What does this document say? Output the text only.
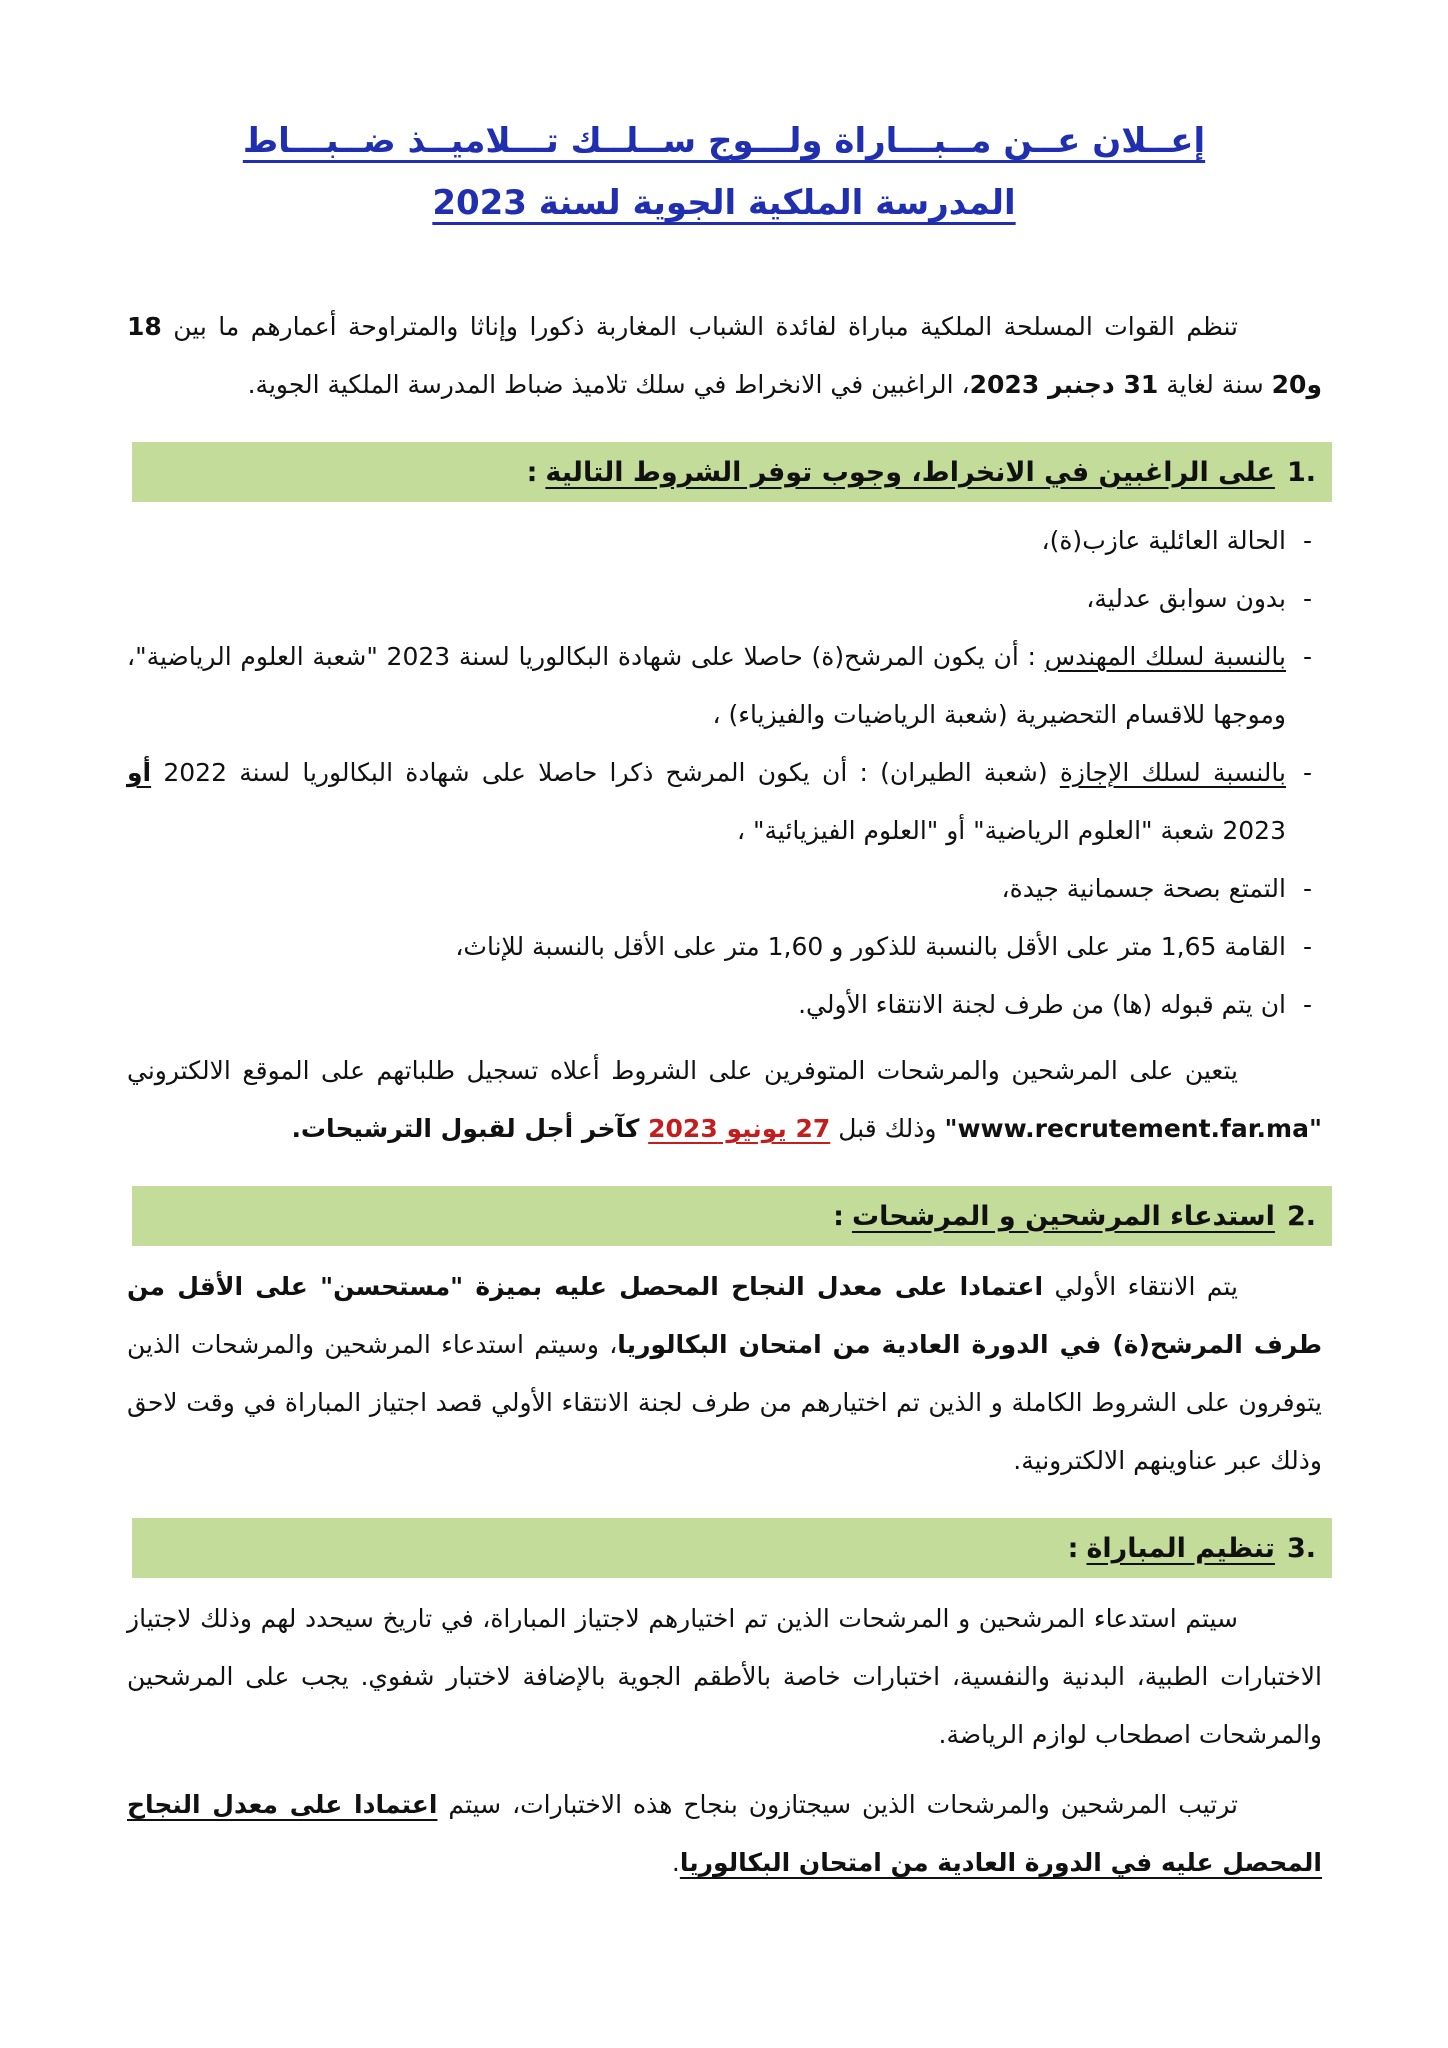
إعــلان عــن مــبـــاراة ولـــوج ســلــك تـــلاميــذ ضــبـــاط
المدرسة الملكية الجوية لسنة 2023

تنظم القوات المسلحة الملكية مباراة لفائدة الشباب المغاربة ذكورا وإناثا والمتراوحة أعمارهم ما بين 18 و20 سنة لغاية 31 دجنبر 2023، الراغبين في الانخراط في سلك تلاميذ ضباط المدرسة الملكية الجوية.

.1
على الراغبين في الانخراط، وجوب توفر الشروط التالية
:
-
الحالة العائلية عازب(ة)،
-
بدون سوابق عدلية،
-
بالنسبة لسلك المهندس : أن يكون المرشح(ة) حاصلا على شهادة البكالوريا لسنة 2023 "شعبة العلوم الرياضية"، وموجها للاقسام التحضيرية (شعبة الرياضيات والفيزياء) ،
-
بالنسبة لسلك الإجازة (شعبة الطيران) : أن يكون المرشح ذكرا حاصلا على شهادة البكالوريا لسنة 2022 أو 2023 شعبة "العلوم الرياضية" أو "العلوم الفيزيائية" ،
-
التمتع بصحة جسمانية جيدة،
-
القامة 1,65 متر على الأقل بالنسبة للذكور و 1,60 متر على الأقل بالنسبة للإناث،
-
ان يتم قبوله (ها) من طرف لجنة الانتقاء الأولي.

يتعين على المرشحين والمرشحات المتوفرين على الشروط أعلاه تسجيل طلباتهم على الموقع الالكتروني "www.recrutement.far.ma" وذلك قبل 27 يونيو 2023 كآخر أجل لقبول الترشيحات.

.2
استدعاء المرشحين و المرشحات
:

يتم الانتقاء الأولي اعتمادا على معدل النجاح المحصل عليه بميزة "مستحسن" على الأقل من طرف المرشح(ة) في الدورة العادية من امتحان البكالوريا، وسيتم استدعاء المرشحين والمرشحات الذين يتوفرون على الشروط الكاملة و الذين تم اختيارهم من طرف لجنة الانتقاء الأولي قصد اجتياز المباراة في وقت لاحق وذلك عبر عناوينهم الالكترونية.

.3
تنظيم المباراة
:

سيتم استدعاء المرشحين و المرشحات الذين تم اختيارهم لاجتياز المباراة، في تاريخ سيحدد لهم وذلك لاجتياز الاختبارات الطبية، البدنية والنفسية، اختبارات خاصة بالأطقم الجوية بالإضافة لاختبار شفوي. يجب على المرشحين والمرشحات اصطحاب لوازم الرياضة.

ترتيب المرشحين والمرشحات الذين سيجتازون بنجاح هذه الاختبارات، سيتم اعتمادا على معدل النجاح المحصل عليه في الدورة العادية من امتحان البكالوريا.
